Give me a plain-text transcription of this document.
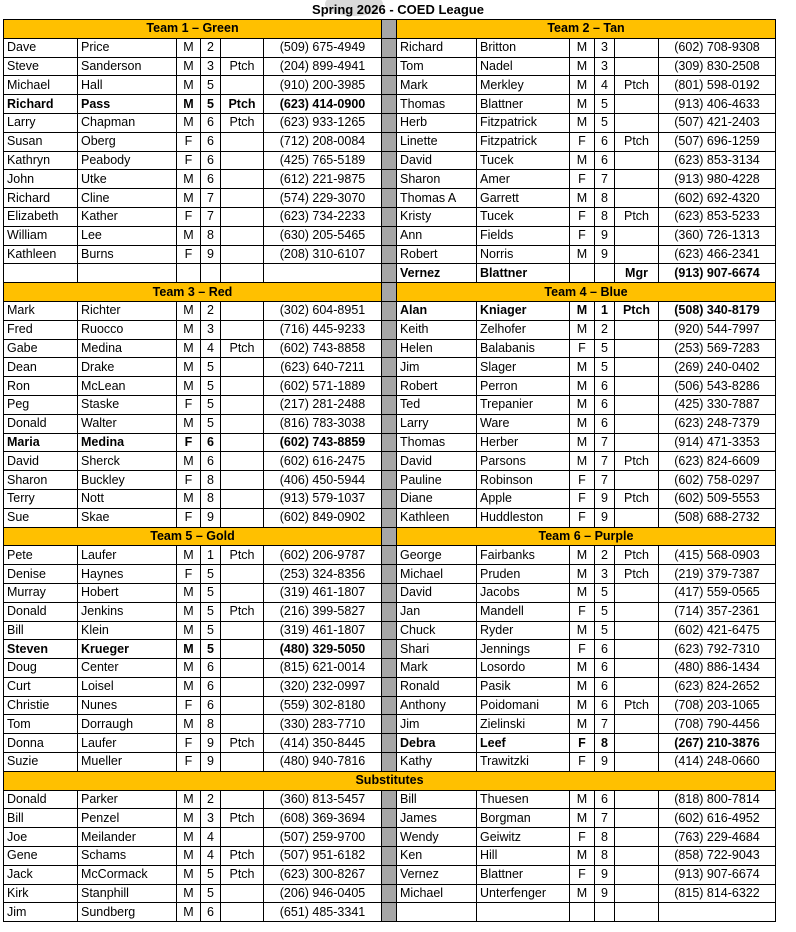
Spring 2026 - COED League
Team 1 – Green							Team 2 – Tan					
Dave	Price	M	2		(509) 675-4949		Richard	Britton	M	3		(602) 708-9308
Steve	Sanderson	M	3	Ptch	(204) 899-4941		Tom	Nadel	M	3		(309) 830-2508
Michael	Hall	M	5		(910) 200-3985		Mark	Merkley	M	4	Ptch	(801) 598-0192
Richard	Pass	M	5	Ptch	(623) 414-0900		Thomas	Blattner	M	5		(913) 406-4633
Larry	Chapman	M	6	Ptch	(623) 933-1265		Herb	Fitzpatrick	M	5		(507) 421-2403
Susan	Oberg	F	6		(712) 208-0084		Linette	Fitzpatrick	F	6	Ptch	(507) 696-1259
Kathryn	Peabody	F	6		(425) 765-5189		David	Tucek	M	6		(623) 853-3134
John	Utke	M	6		(612) 221-9875		Sharon	Amer	F	7		(913) 980-4228
Richard	Cline	M	7		(574) 229-3070		Thomas A	Garrett	M	8		(602) 692-4320
Elizabeth	Kather	F	7		(623) 734-2233		Kristy	Tucek	F	8	Ptch	(623) 853-5233
William	Lee	M	8		(630) 205-5465		Ann	Fields	F	9		(360) 726-1313
Kathleen	Burns	F	9		(208) 310-6107		Robert	Norris	M	9		(623) 466-2341
							Vernez	Blattner			Mgr	(913) 907-6674
Team 3 – Red							Team 4 – Blue					
Mark	Richter	M	2		(302) 604-8951		Alan	Kniager	M	1	Ptch	(508) 340-8179
Fred	Ruocco	M	3		(716) 445-9233		Keith	Zelhofer	M	2		(920) 544-7997
Gabe	Medina	M	4	Ptch	(602) 743-8858		Helen	Balabanis	F	5		(253) 569-7283
Dean	Drake	M	5		(623) 640-7211		Jim	Slager	M	5		(269) 240-0402
Ron	McLean	M	5		(602) 571-1889		Robert	Perron	M	6		(506) 543-8286
Peg	Staske	F	5		(217) 281-2488		Ted	Trepanier	M	6		(425) 330-7887
Donald	Walter	M	5		(816) 783-3038		Larry	Ware	M	6		(623) 248-7379
Maria	Medina	F	6		(602) 743-8859		Thomas	Herber	M	7		(914) 471-3353
David	Sherck	M	6		(602) 616-2475		David	Parsons	M	7	Ptch	(623) 824-6609
Sharon	Buckley	F	8		(406) 450-5944		Pauline	Robinson	F	7		(602) 758-0297
Terry	Nott	M	8		(913) 579-1037		Diane	Apple	F	9	Ptch	(602) 509-5553
Sue	Skae	F	9		(602) 849-0902		Kathleen	Huddleston	F	9		(508) 688-2732
Team 5 – Gold							Team 6 – Purple					
Pete	Laufer	M	1	Ptch	(602) 206-9787		George	Fairbanks	M	2	Ptch	(415) 568-0903
Denise	Haynes	F	5		(253) 324-8356		Michael	Pruden	M	3	Ptch	(219) 379-7387
Murray	Hobert	M	5		(319) 461-1807		David	Jacobs	M	5		(417) 559-0565
Donald	Jenkins	M	5	Ptch	(216) 399-5827		Jan	Mandell	F	5		(714) 357-2361
Bill	Klein	M	5		(319) 461-1807		Chuck	Ryder	M	5		(602) 421-6475
Steven	Krueger	M	5		(480) 329-5050		Shari	Jennings	F	6		(623) 792-7310
Doug	Center	M	6		(815) 621-0014		Mark	Losordo	M	6		(480) 886-1434
Curt	Loisel	M	6		(320) 232-0997		Ronald	Pasik	M	6		(623) 824-2652
Christie	Nunes	F	6		(559) 302-8180		Anthony	Poidomani	M	6	Ptch	(708) 203-1065
Tom	Dorraugh	M	8		(330) 283-7710		Jim	Zielinski	M	7		(708) 790-4456
Donna	Laufer	F	9	Ptch	(414) 350-8445		Debra	Leef	F	8		(267) 210-3876
Suzie	Mueller	F	9		(480) 940-7816		Kathy	Trawitzki	F	9		(414) 248-0660
Substitutes												
Donald	Parker	M	2		(360) 813-5457		Bill	Thuesen	M	6		(818) 800-7814
Bill	Penzel	M	3	Ptch	(608) 369-3694		James	Borgman	M	7		(602) 616-4952
Joe	Meilander	M	4		(507) 259-9700		Wendy	Geiwitz	F	8		(763) 229-4684
Gene	Schams	M	4	Ptch	(507) 951-6182		Ken	Hill	M	8		(858) 722-9043
Jack	McCormack	M	5	Ptch	(623) 300-8267		Vernez	Blattner	F	9		(913) 907-6674
Kirk	Stanphill	M	5		(206) 946-0405		Michael	Unterfenger	M	9		(815) 814-6322
Jim	Sundberg	M	6		(651) 485-3341							
